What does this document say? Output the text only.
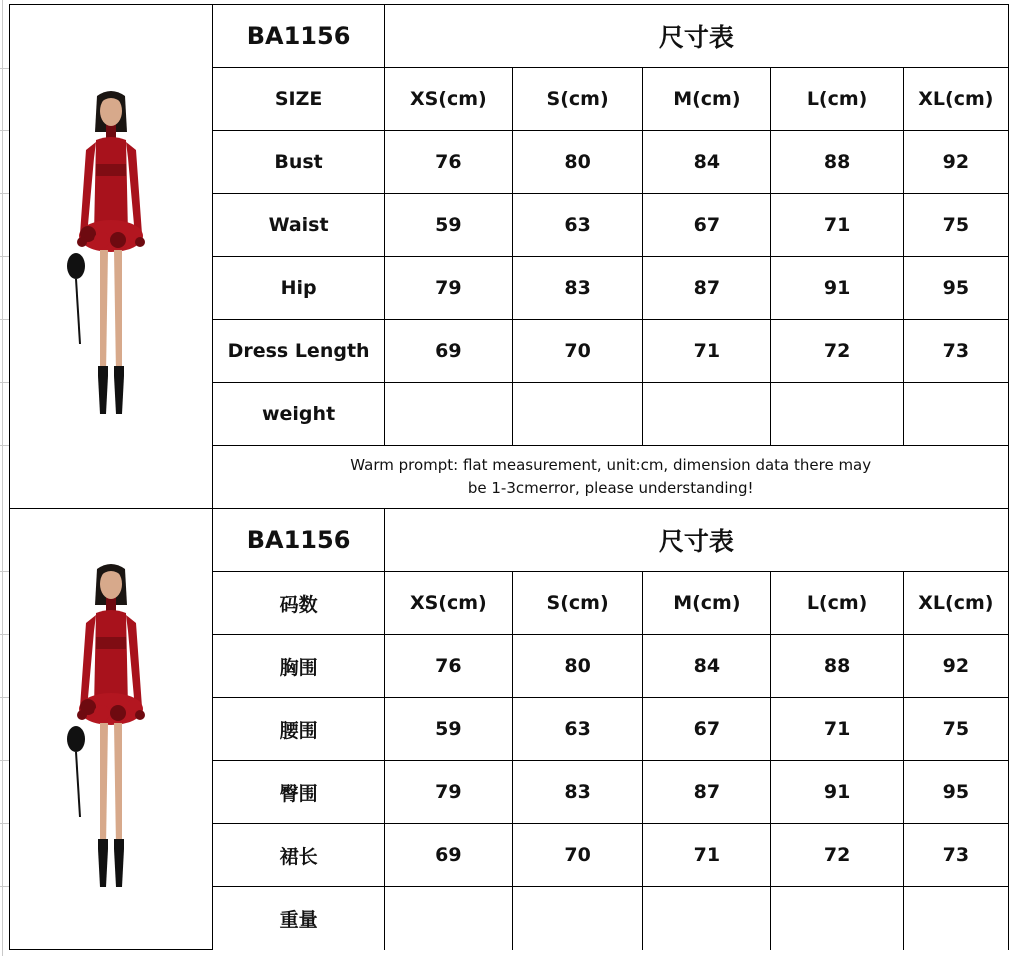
	BA1156	尺寸表				
	SIZE	XS(cm)	S(cm)	M(cm)	L(cm)	XL(cm)
	Bust	76	80	84	88	92
	Waist	59	63	67	71	75
	Hip	79	83	87	91	95
	Dress Length	69	70	71	72	73
	weight					

	Warm prompt: flat measurement, unit:cm, dimension data there may
be 1-3cmerror, please understanding!					
	BA1156	尺寸表				
	码数	XS(cm)	S(cm)	M(cm)	L(cm)	XL(cm)
	胸围	76	80	84	88	92
	腰围	59	63	67	71	75
	臀围	79	83	87	91	95
	裙长	69	70	71	72	73
	重量					
